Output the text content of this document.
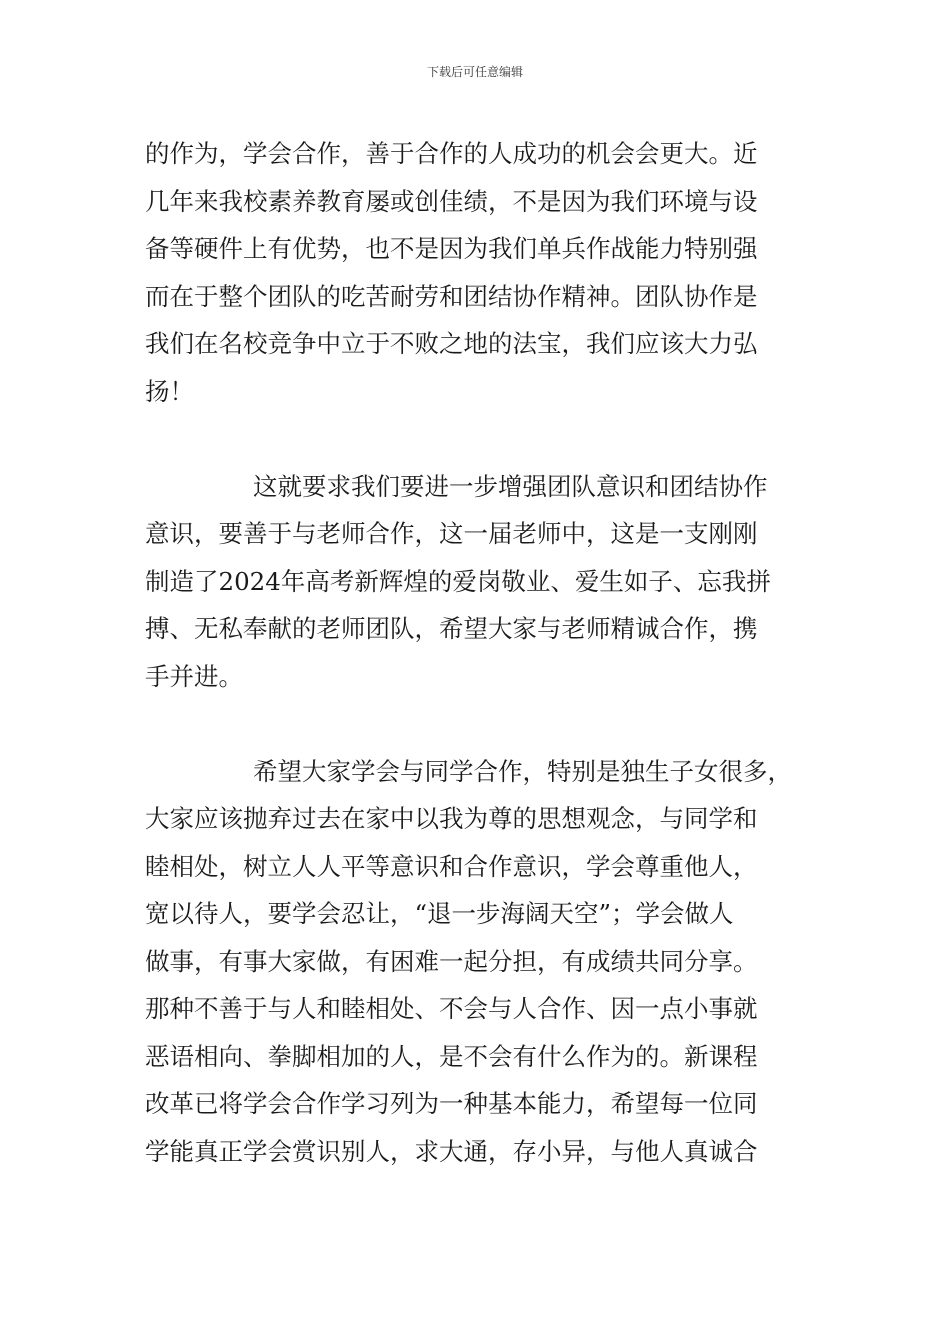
下载后可任意编辑
的作为，学会合作，善于合作的人成功的机会会更大。近
几年来我校素养教育屡或创佳绩，不是因为我们环境与设
备等硬件上有优势，也不是因为我们单兵作战能力特别强
而在于整个团队的吃苦耐劳和团结协作精神。团队协作是
我们在名校竞争中立于不败之地的法宝，我们应该大力弘
扬！
这就要求我们要进一步增强团队意识和团结协作
意识，要善于与老师合作，这一届老师中，这是一支刚刚
制造了2024年高考新辉煌的爱岗敬业、爱生如子、忘我拼
搏、无私奉献的老师团队，希望大家与老师精诚合作，携
手并进。
希望大家学会与同学合作，特别是独生子女很多，
大家应该抛弃过去在家中以我为尊的思想观念，与同学和
睦相处，树立人人平等意识和合作意识，学会尊重他人，
宽以待人，要学会忍让，“退一步海阔天空”；学会做人
做事，有事大家做，有困难一起分担，有成绩共同分享。
那种不善于与人和睦相处、不会与人合作、因一点小事就
恶语相向、拳脚相加的人，是不会有什么作为的。新课程
改革已将学会合作学习列为一种基本能力，希望每一位同
学能真正学会赏识别人，求大通，存小异，与他人真诚合
